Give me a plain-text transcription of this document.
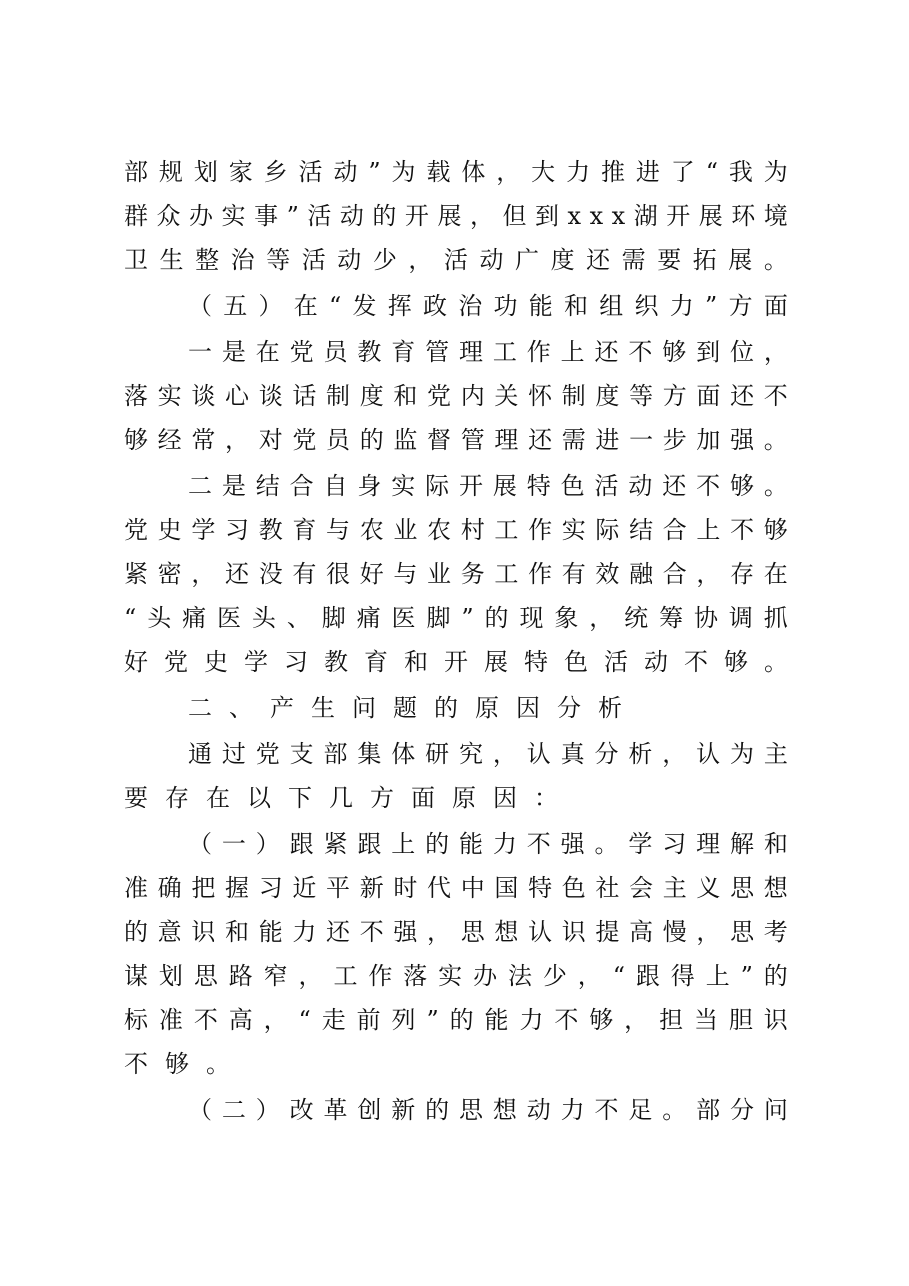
部 规 划 家 乡 活 动 ” 为 载 体 ， 大 力 推 进 了 “ 我 为
群 众 办 实 事 ” 活 动 的 开 展 ， 但 到 x x x 湖 开 展 环 境
卫 生 整 治 等 活 动 少 ， 活 动 广 度 还 需 要 拓 展 。
（ 五 ） 在 “ 发 挥 政 治 功 能 和 组 织 力 ” 方 面
一 是 在 党 员 教 育 管 理 工 作 上 还 不 够 到 位 ，
落 实 谈 心 谈 话 制 度 和 党 内 关 怀 制 度 等 方 面 还 不
够 经 常 ， 对 党 员 的 监 督 管 理 还 需 进 一 步 加 强 。
二 是 结 合 自 身 实 际 开 展 特 色 活 动 还 不 够 。
党 史 学 习 教 育 与 农 业 农 村 工 作 实 际 结 合 上 不 够
紧 密 ， 还 没 有 很 好 与 业 务 工 作 有 效 融 合 ， 存 在
“ 头 痛 医 头 、 脚 痛 医 脚 ” 的 现 象 ， 统 筹 协 调 抓
好 党 史 学 习 教 育 和 开 展 特 色 活 动 不 够 。
二、产生问题的原因分析
通 过 党 支 部 集 体 研 究 ， 认 真 分 析 ， 认 为 主
要存在以下几方面原因：
（ 一 ） 跟 紧 跟 上 的 能 力 不 强 。 学 习 理 解 和
准 确 把 握 习 近 平 新 时 代 中 国 特 色 社 会 主 义 思 想
的 意 识 和 能 力 还 不 强 ， 思 想 认 识 提 高 慢 ， 思 考
谋 划 思 路 窄 ， 工 作 落 实 办 法 少 ， “ 跟 得 上 ” 的
标 准 不 高 ， “ 走 前 列 ” 的 能 力 不 够 ， 担 当 胆 识
不够。
（ 二 ） 改 革 创 新 的 思 想 动 力 不 足 。 部 分 问
